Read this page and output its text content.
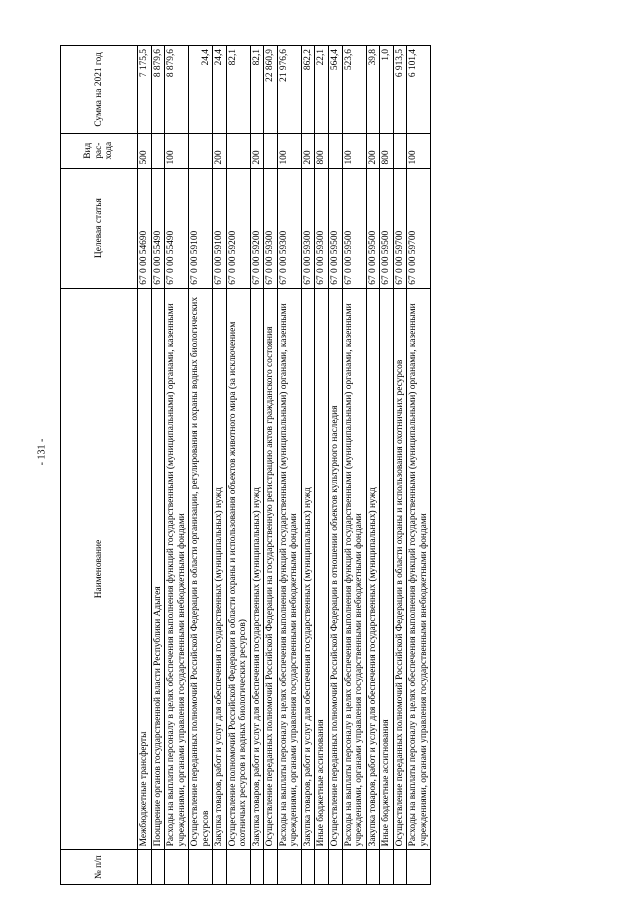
- 131 -
№ п/п	Наименование	Целевая статья	Вид рас-хода	Сумма на 2021 год
	Межбюджетные трансферты	67 0 00 54690	500	7 175,5
	Поощрение органов государственной власти Республики Адыгея	67 0 00 55490		8 879,6
	Расходы на выплаты персоналу в целях обеспечения выполнения функций государственными (муниципальными) органами, казенными учреждениями, органами управления государственными внебюджетными фондами	67 0 00 55490	100	8 879,6
	Осуществление переданных полномочий Российской Федерации в области организации, регулирования и охраны водных биологических ресурсов	67 0 00 59100		24,4
	Закупка товаров, работ и услуг для обеспечения государственных (муниципальных) нужд	67 0 00 59100	200	24,4
	Осуществление полномочий Российской Федерации в области охраны и использования объектов животного мира (за исключением охотничьих ресурсов и водных биологических ресурсов)	67 0 00 59200		82,1
	Закупка товаров, работ и услуг для обеспечения государственных (муниципальных) нужд	67 0 00 59200	200	82,1
	Осуществление переданных полномочий Российской Федерации на государственную регистрацию актов гражданского состояния	67 0 00 59300		22 860,9
	Расходы на выплаты персоналу в целях обеспечения выполнения функций государственными (муниципальными) органами, казенными учреждениями, органами управления государственными внебюджетными фондами	67 0 00 59300	100	21 976,6
	Закупка товаров, работ и услуг для обеспечения государственных (муниципальных) нужд	67 0 00 59300	200	862,2
	Иные бюджетные ассигнования	67 0 00 59300	800	22,1
	Осуществление переданных полномочий Российской Федерации в отношении объектов культурного наследия	67 0 00 59500		564,4
	Расходы на выплаты персоналу в целях обеспечения выполнения функций государственными (муниципальными) органами, казенными учреждениями, органами управления государственными внебюджетными фондами	67 0 00 59500	100	523,6
	Закупка товаров, работ и услуг для обеспечения государственных (муниципальных) нужд	67 0 00 59500	200	39,8
	Иные бюджетные ассигнования	67 0 00 59500	800	1,0
	Осуществление переданных полномочий Российской Федерации в области охраны и использования охотничьих ресурсов	67 0 00 59700		6 913,5
	Расходы на выплаты персоналу в целях обеспечения выполнения функций государственными (муниципальными) органами, казенными учреждениями, органами управления государственными внебюджетными фондами	67 0 00 59700	100	6 101,4
